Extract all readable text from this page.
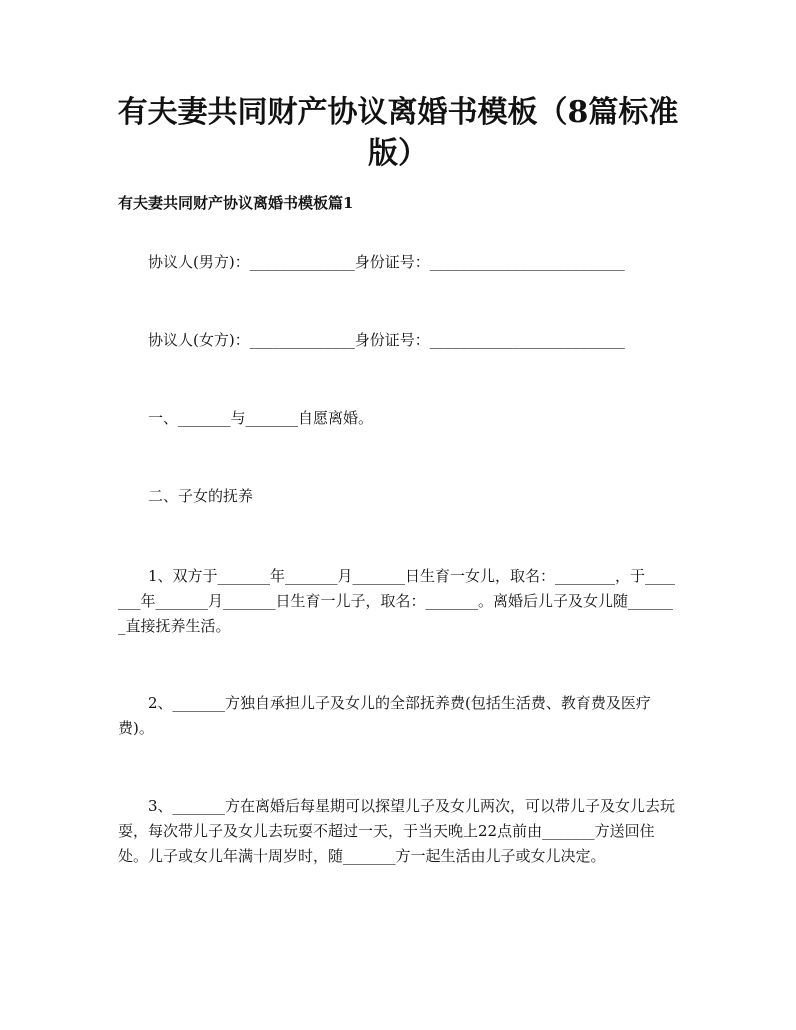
有夫妻共同财产协议离婚书模板（8篇标准版）
有夫妻共同财产协议离婚书模板篇1

协议人(男方)：______________身份证号：__________________________

协议人(女方)：______________身份证号：__________________________

一、_______与_______自愿离婚。

二、子女的抚养

1、双方于_______年_______月_______日生育一女儿，取名：________，于_______年_______月_______日生育一儿子，取名：_______。离婚后儿子及女儿随_______直接抚养生活。

2、_______方独自承担儿子及女儿的全部抚养费(包括生活费、教育费及医疗费)。

3、_______方在离婚后每星期可以探望儿子及女儿两次，可以带儿子及女儿去玩耍，每次带儿子及女儿去玩耍不超过一天，于当天晚上22点前由_______方送回住处。儿子或女儿年满十周岁时，随_______方一起生活由儿子或女儿决定。
